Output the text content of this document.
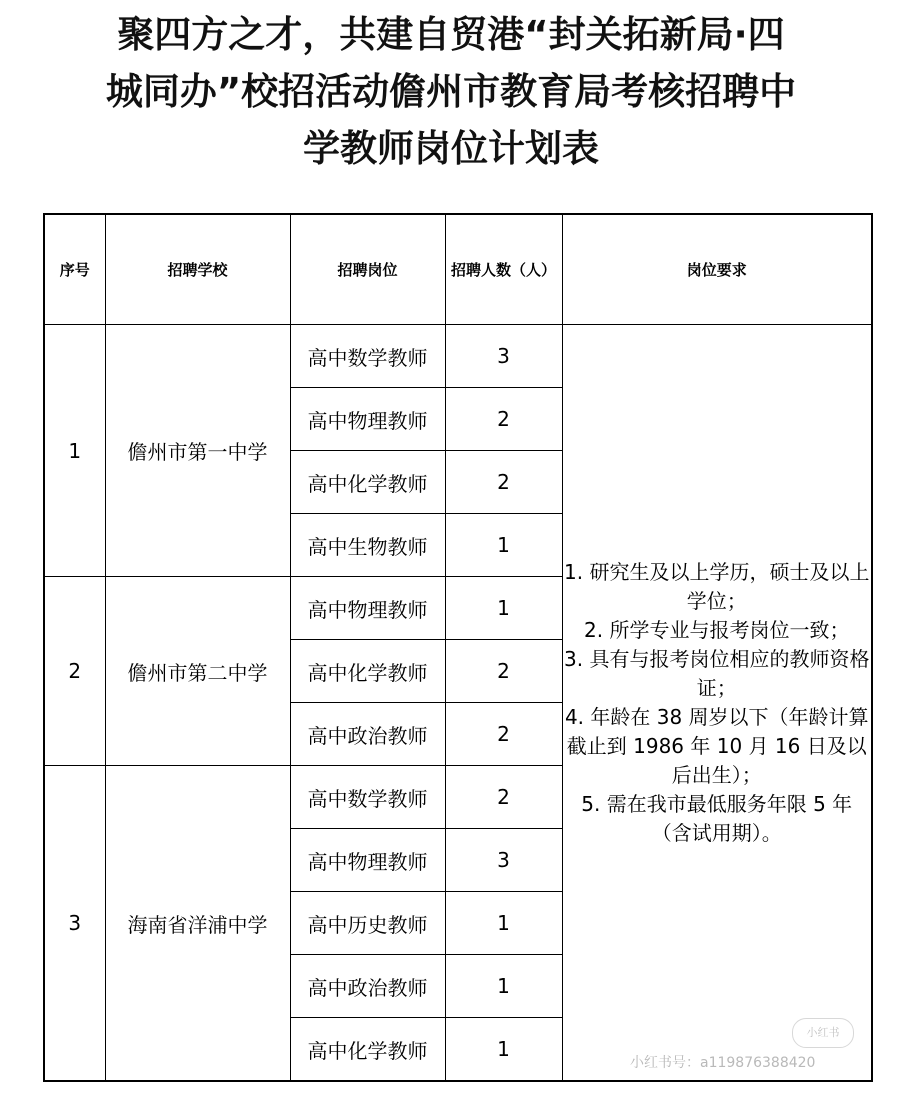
聚四方之才，共建自贸港“封关拓新局·四
城同办”校招活动儋州市教育局考核招聘中
学教师岗位计划表
序号	招聘学校	招聘岗位	招聘人数（人）	岗位要求
1	儋州市第一中学	高中数学教师	3	1. 研究生及以上学历，硕士及以上学位；
2. 所学专业与报考岗位一致；
3. 具有与报考岗位相应的教师资格证；
4. 年龄在 38 周岁以下（年龄计算截止到 1986 年 10 月 16 日及以后出生）；
5. 需在我市最低服务年限 5 年（含试用期）。

		高中物理教师	2	
		高中化学教师	2	
		高中生物教师	1	
2	儋州市第二中学	高中物理教师	1	
		高中化学教师	2	
		高中政治教师	2	
3	海南省洋浦中学	高中数学教师	2	
		高中物理教师	3	
		高中历史教师	1	
		高中政治教师	1	
		高中化学教师	1	
小红书
小红书号：a119876388420
